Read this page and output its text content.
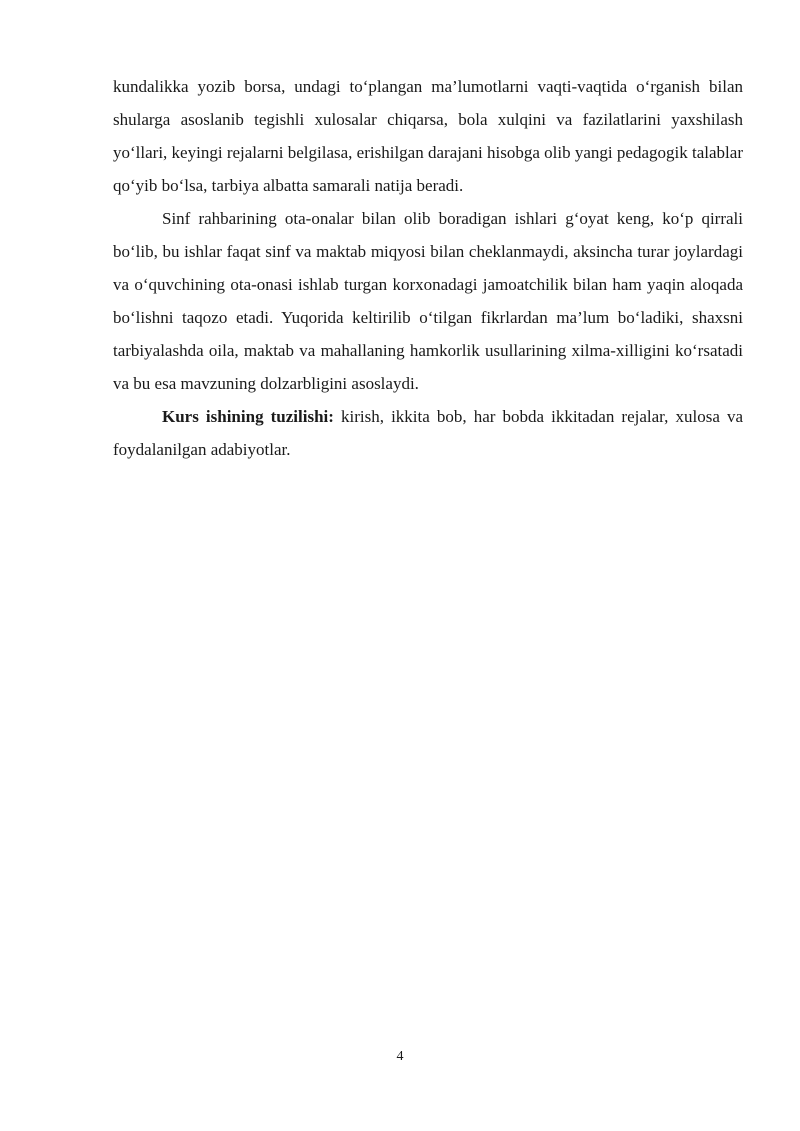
kundalikka yozib borsa, undagi to‘plangan ma’lumotlarni vaqti-vaqtida o‘rganish bilan shularga asoslanib tegishli xulosalar chiqarsa, bola xulqini va fazilatlarini yaxshilash yo‘llari, keyingi rejalarni belgilasa, erishilgan darajani hisobga olib yangi pedagogik talablar qo‘yib bo‘lsa, tarbiya albatta samarali natija beradi.

Sinf rahbarining ota-onalar bilan olib boradigan ishlari g‘oyat keng, ko‘p qirrali bo‘lib, bu ishlar faqat sinf va maktab miqyosi bilan cheklanmaydi, aksincha turar joylardagi va o‘quvchining ota-onasi ishlab turgan korxonadagi jamoatchilik bilan ham yaqin aloqada bo‘lishni taqozo etadi. Yuqorida keltirilib o‘tilgan fikrlardan ma’lum bo‘ladiki, shaxsni tarbiyalashda oila, maktab va mahallaning hamkorlik usullarining xilma-xilligini ko‘rsatadi va bu esa mavzuning dolzarbligini asoslaydi.

Kurs ishining tuzilishi: kirish, ikkita bob, har bobda ikkitadan rejalar, xulosa va foydalanilgan adabiyotlar.

4
